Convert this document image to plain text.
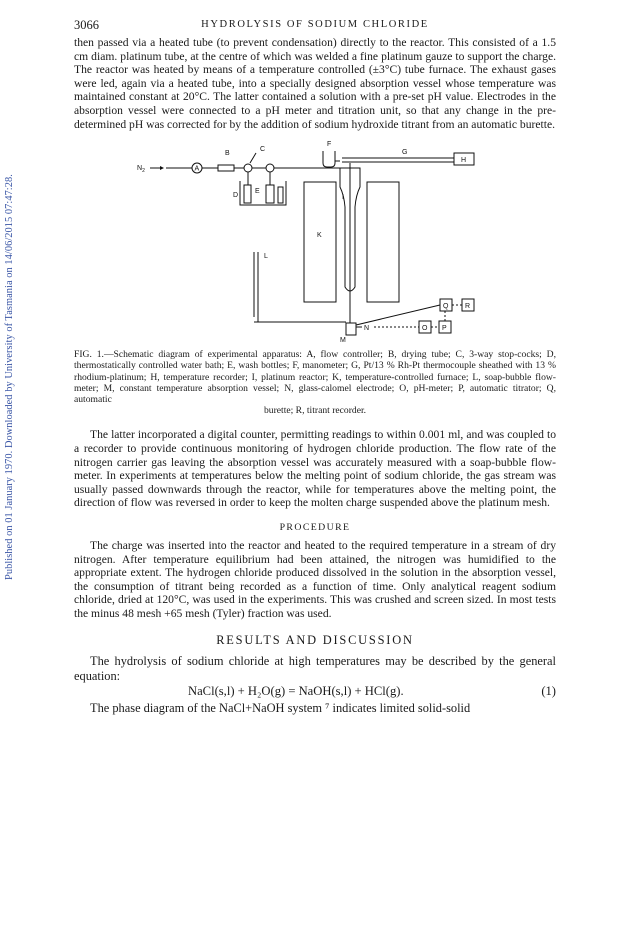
Published on 01 January 1970. Downloaded by University of Tasmania on 14/06/2015 07:47:28.
3066	HYDROLYSIS OF SODIUM CHLORIDE

then passed via a heated tube (to prevent condensation) directly to the reactor. This consisted of a 1.5 cm diam. platinum tube, at the centre of which was welded a fine platinum gauze to support the charge. The reactor was heated by means of a temperature controlled (±3°C) tube furnace. The exhaust gases were led, again via a heated tube, into a specially designed absorption vessel whose temperature was maintained constant at 20°C. The latter contained a solution with a pre-set pH value. Electrodes in the absorption vessel were connected to a pH meter and titration unit, so that any change in the pre-determined pH was corrected for by the addition of sodium hydroxide titrant from an automatic burette.

$N_2$	A
B
C
D
E
F
G
H
K
I
M
N
L
O P
Q R

FIG. 1.—Schematic diagram of experimental apparatus: A, flow controller; B, drying tube; C, 3-way stop-cocks; D, thermostatically controlled water bath; E, wash bottles; F, manometer; G, Pt/13 % Rh-Pt thermocouple sheathed with 13 % rhodium-platinum; H, temperature recorder; I, platinum reactor; K, temperature-controlled furnace; L, soap-bubble flow-meter; M, constant temperature absorption vessel; N, glass-calomel electrode; O, pH-meter; P, automatic titrator; Q, automatic

burette; R, titrant recorder.

The latter incorporated a digital counter, permitting readings to within 0.001 ml, and was coupled to a recorder to provide continuous monitoring of hydrogen chloride production. The flow rate of the nitrogen carrier gas leaving the absorption vessel was accurately measured with a soap-bubble flow-meter. In experiments at temperatures below the melting point of sodium chloride, the gas stream was usually passed downwards through the reactor, while for temperatures above the melting point, the direction of flow was reversed in order to keep the molten charge suspended above the platinum mesh.

PROCEDURE

The charge was inserted into the reactor and heated to the required temperature in a stream of dry nitrogen. After temperature equilibrium had been attained, the nitrogen was humidified to the appropriate extent. The hydrogen chloride produced dissolved in the solution in the absorption vessel, the consumption of titrant being recorded as a function of time. Only analytical reagent sodium chloride, dried at 120°C, was used in the experiments. This was crushed and screen sized. In most tests the minus 48 mesh +65 mesh (Tyler) fraction was used.

RESULTS AND DISCUSSION

The hydrolysis of sodium chloride at high temperatures may be described by the general equation:

NaCl(s,l) + H₂O(g) = NaOH(s,l) + HCl(g).	(1)

The phase diagram of the NaCl+NaOH system ⁷ indicates limited solid-solid
